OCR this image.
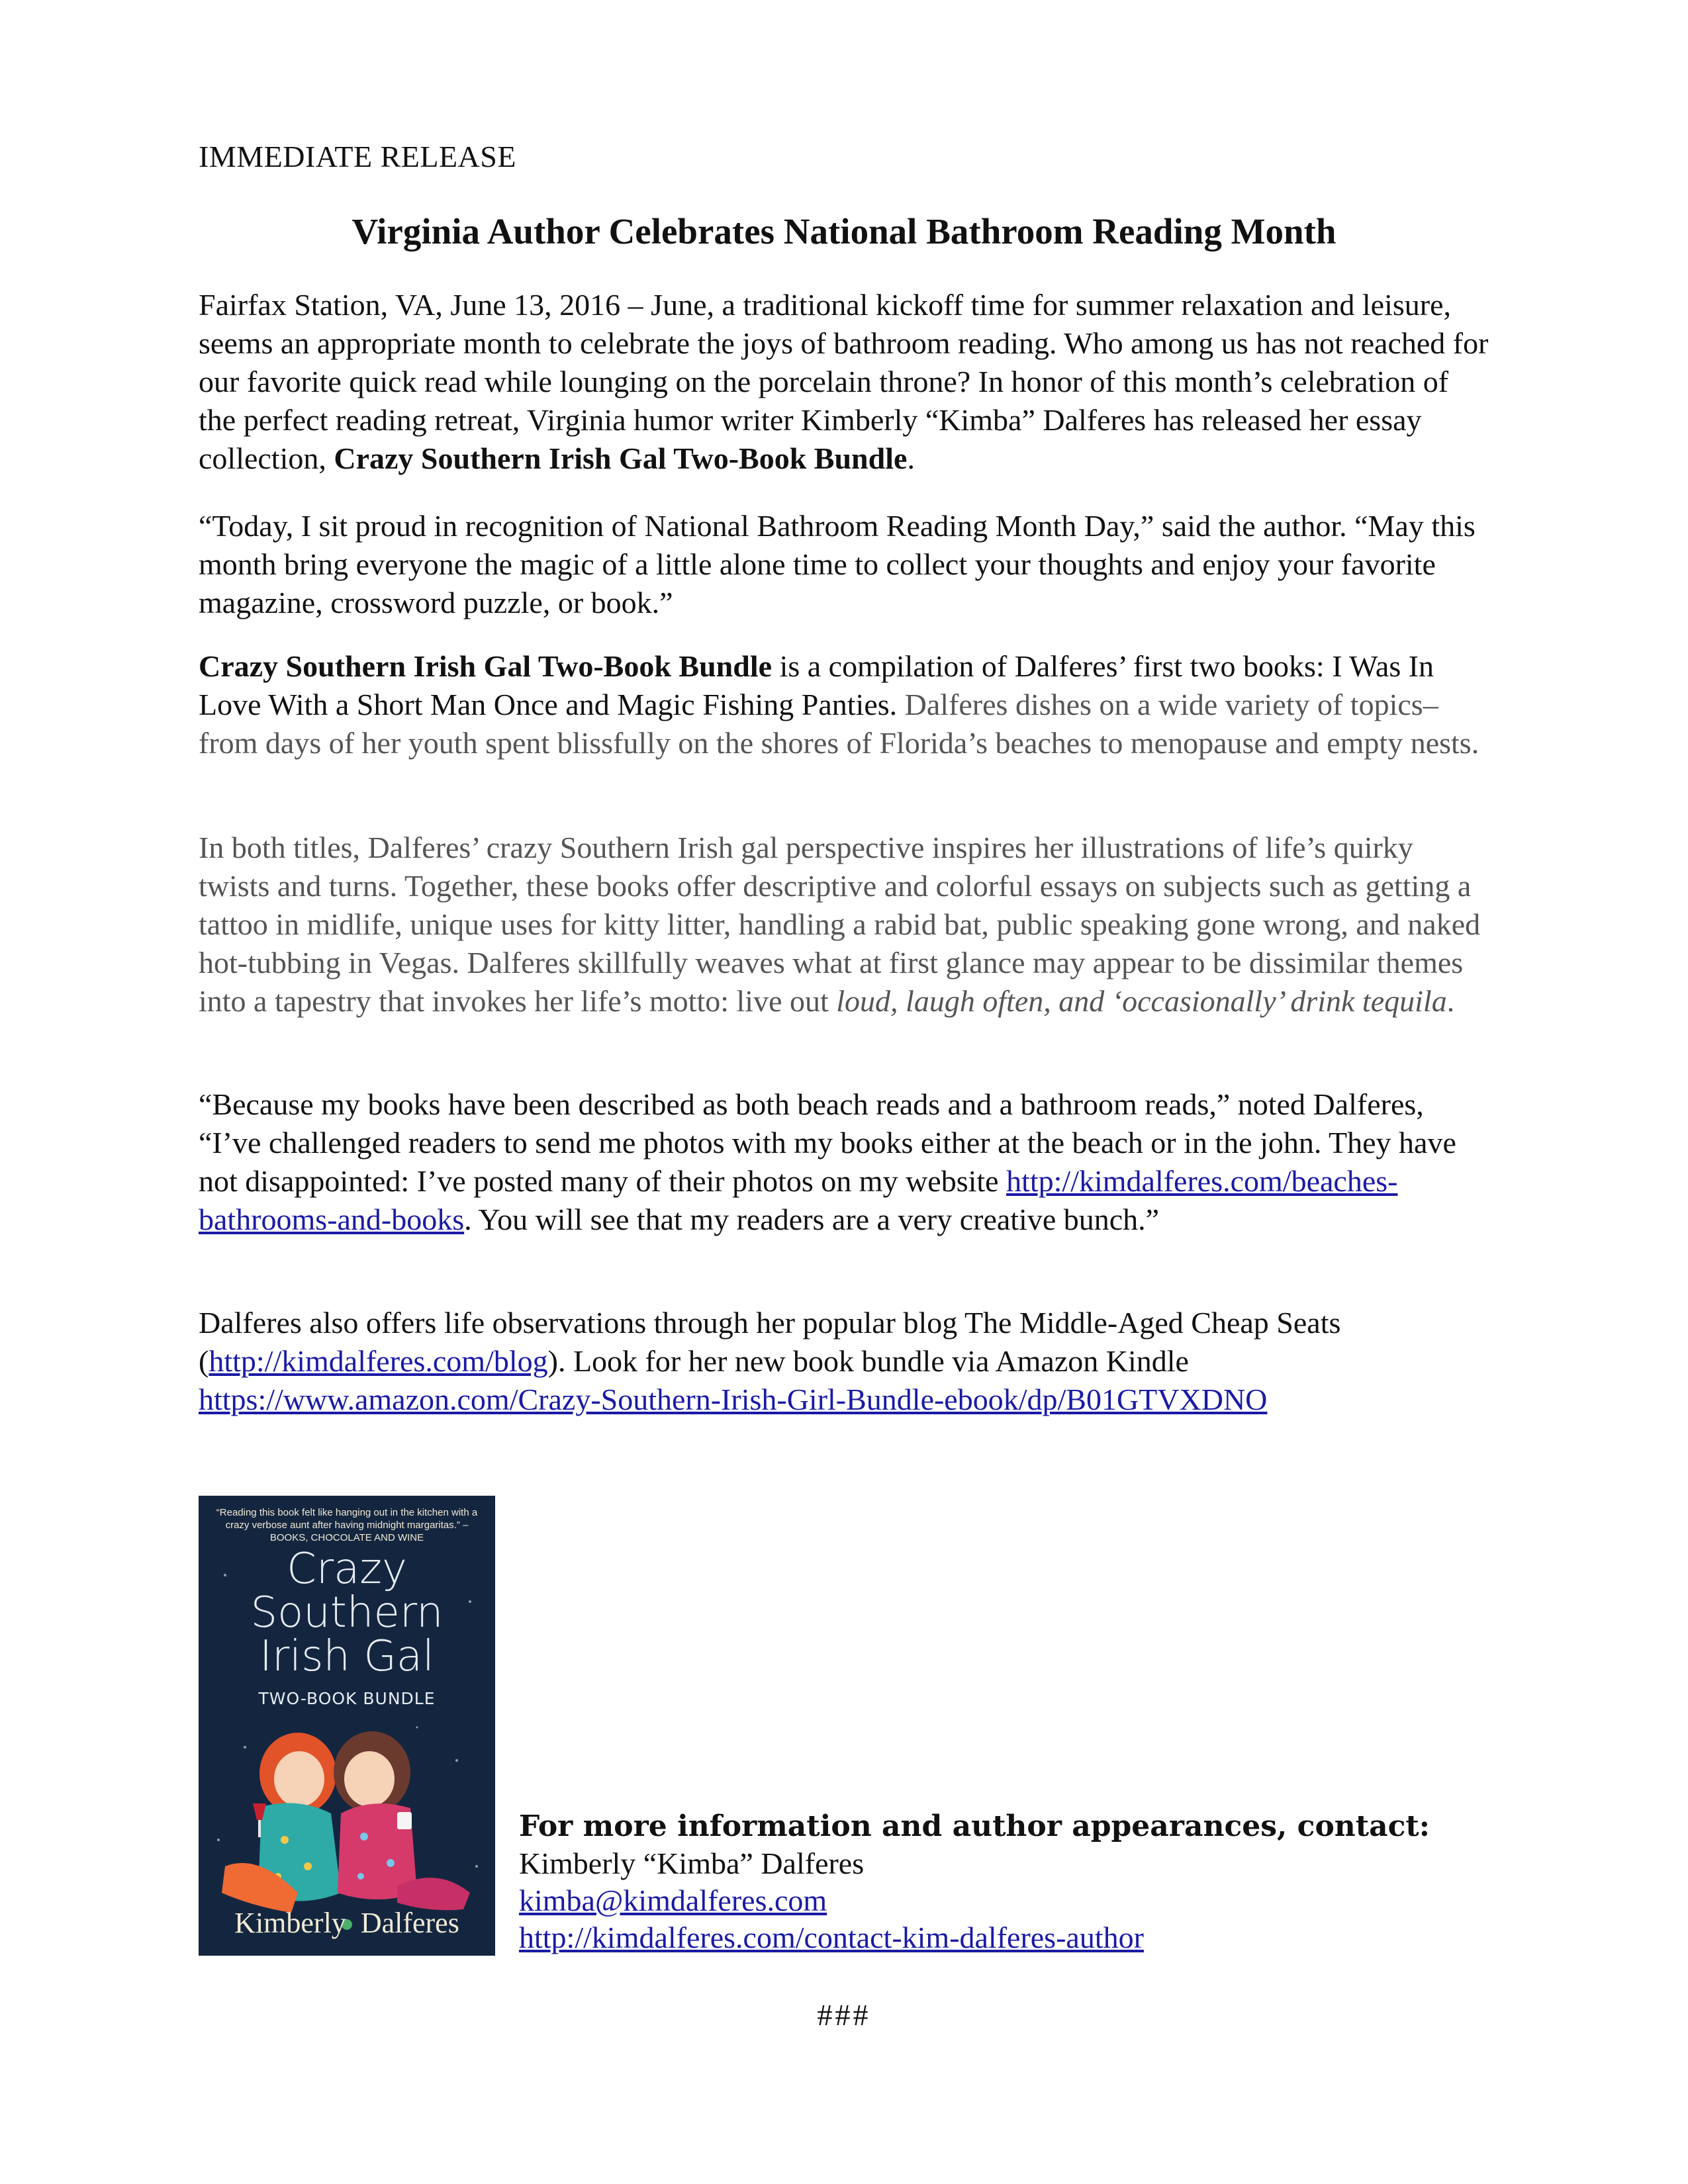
IMMEDIATE RELEASE
Virginia Author Celebrates National Bathroom Reading Month

Fairfax Station, VA, June 13, 2016 – June, a traditional kickoff time for summer relaxation and leisure, seems an appropriate month to celebrate the joys of bathroom reading. Who among us has not reached for our favorite quick read while lounging on the porcelain throne? In honor of this month’s celebration of the perfect reading retreat, Virginia humor writer Kimberly “Kimba” Dalferes has released her essay collection, Crazy Southern Irish Gal Two-Book Bundle.

“Today, I sit proud in recognition of National Bathroom Reading Month Day,” said the author. “May this month bring everyone the magic of a little alone time to collect your thoughts and enjoy your favorite magazine, crossword puzzle, or book.”

Crazy Southern Irish Gal Two-Book Bundle is a compilation of Dalferes’ first two books: I Was In Love With a Short Man Once and Magic Fishing Panties. Dalferes dishes on a wide variety of topics–from days of her youth spent blissfully on the shores of Florida’s beaches to menopause and empty nests.

In both titles, Dalferes’ crazy Southern Irish gal perspective inspires her illustrations of life’s quirky twists and turns. Together, these books offer descriptive and colorful essays on subjects such as getting a tattoo in midlife, unique uses for kitty litter, handling a rabid bat, public speaking gone wrong, and naked hot-tubbing in Vegas. Dalferes skillfully weaves what at first glance may appear to be dissimilar themes into a tapestry that invokes her life’s motto: live out loud, laugh often, and ‘occasionally’ drink tequila.

“Because my books have been described as both beach reads and a bathroom reads,” noted Dalferes, “I’ve challenged readers to send me photos with my books either at the beach or in the john. They have not disappointed: I’ve posted many of their photos on my website http://kimdalferes.com/beaches-bathrooms-and-books. You will see that my readers are a very creative bunch.”

Dalferes also offers life observations through her popular blog The Middle-Aged Cheap Seats (http://kimdalferes.com/blog). Look for her new book bundle via Amazon Kindle
https://www.amazon.com/Crazy-Southern-Irish-Girl-Bundle-ebook/dp/B01GTVXDNO

“Reading this book felt like hanging out in the kitchen with a crazy verbose aunt after having midnight margaritas.” – BOOKS, CHOCOLATE AND WINE
Crazy
Southern
Irish Gal
TWO-BOOK BUNDLE
Kimberly Dalferes
For more information and author appearances, contact:
Kimberly “Kimba” Dalferes
kimba@kimdalferes.com
http://kimdalferes.com/contact-kim-dalferes-author
###
